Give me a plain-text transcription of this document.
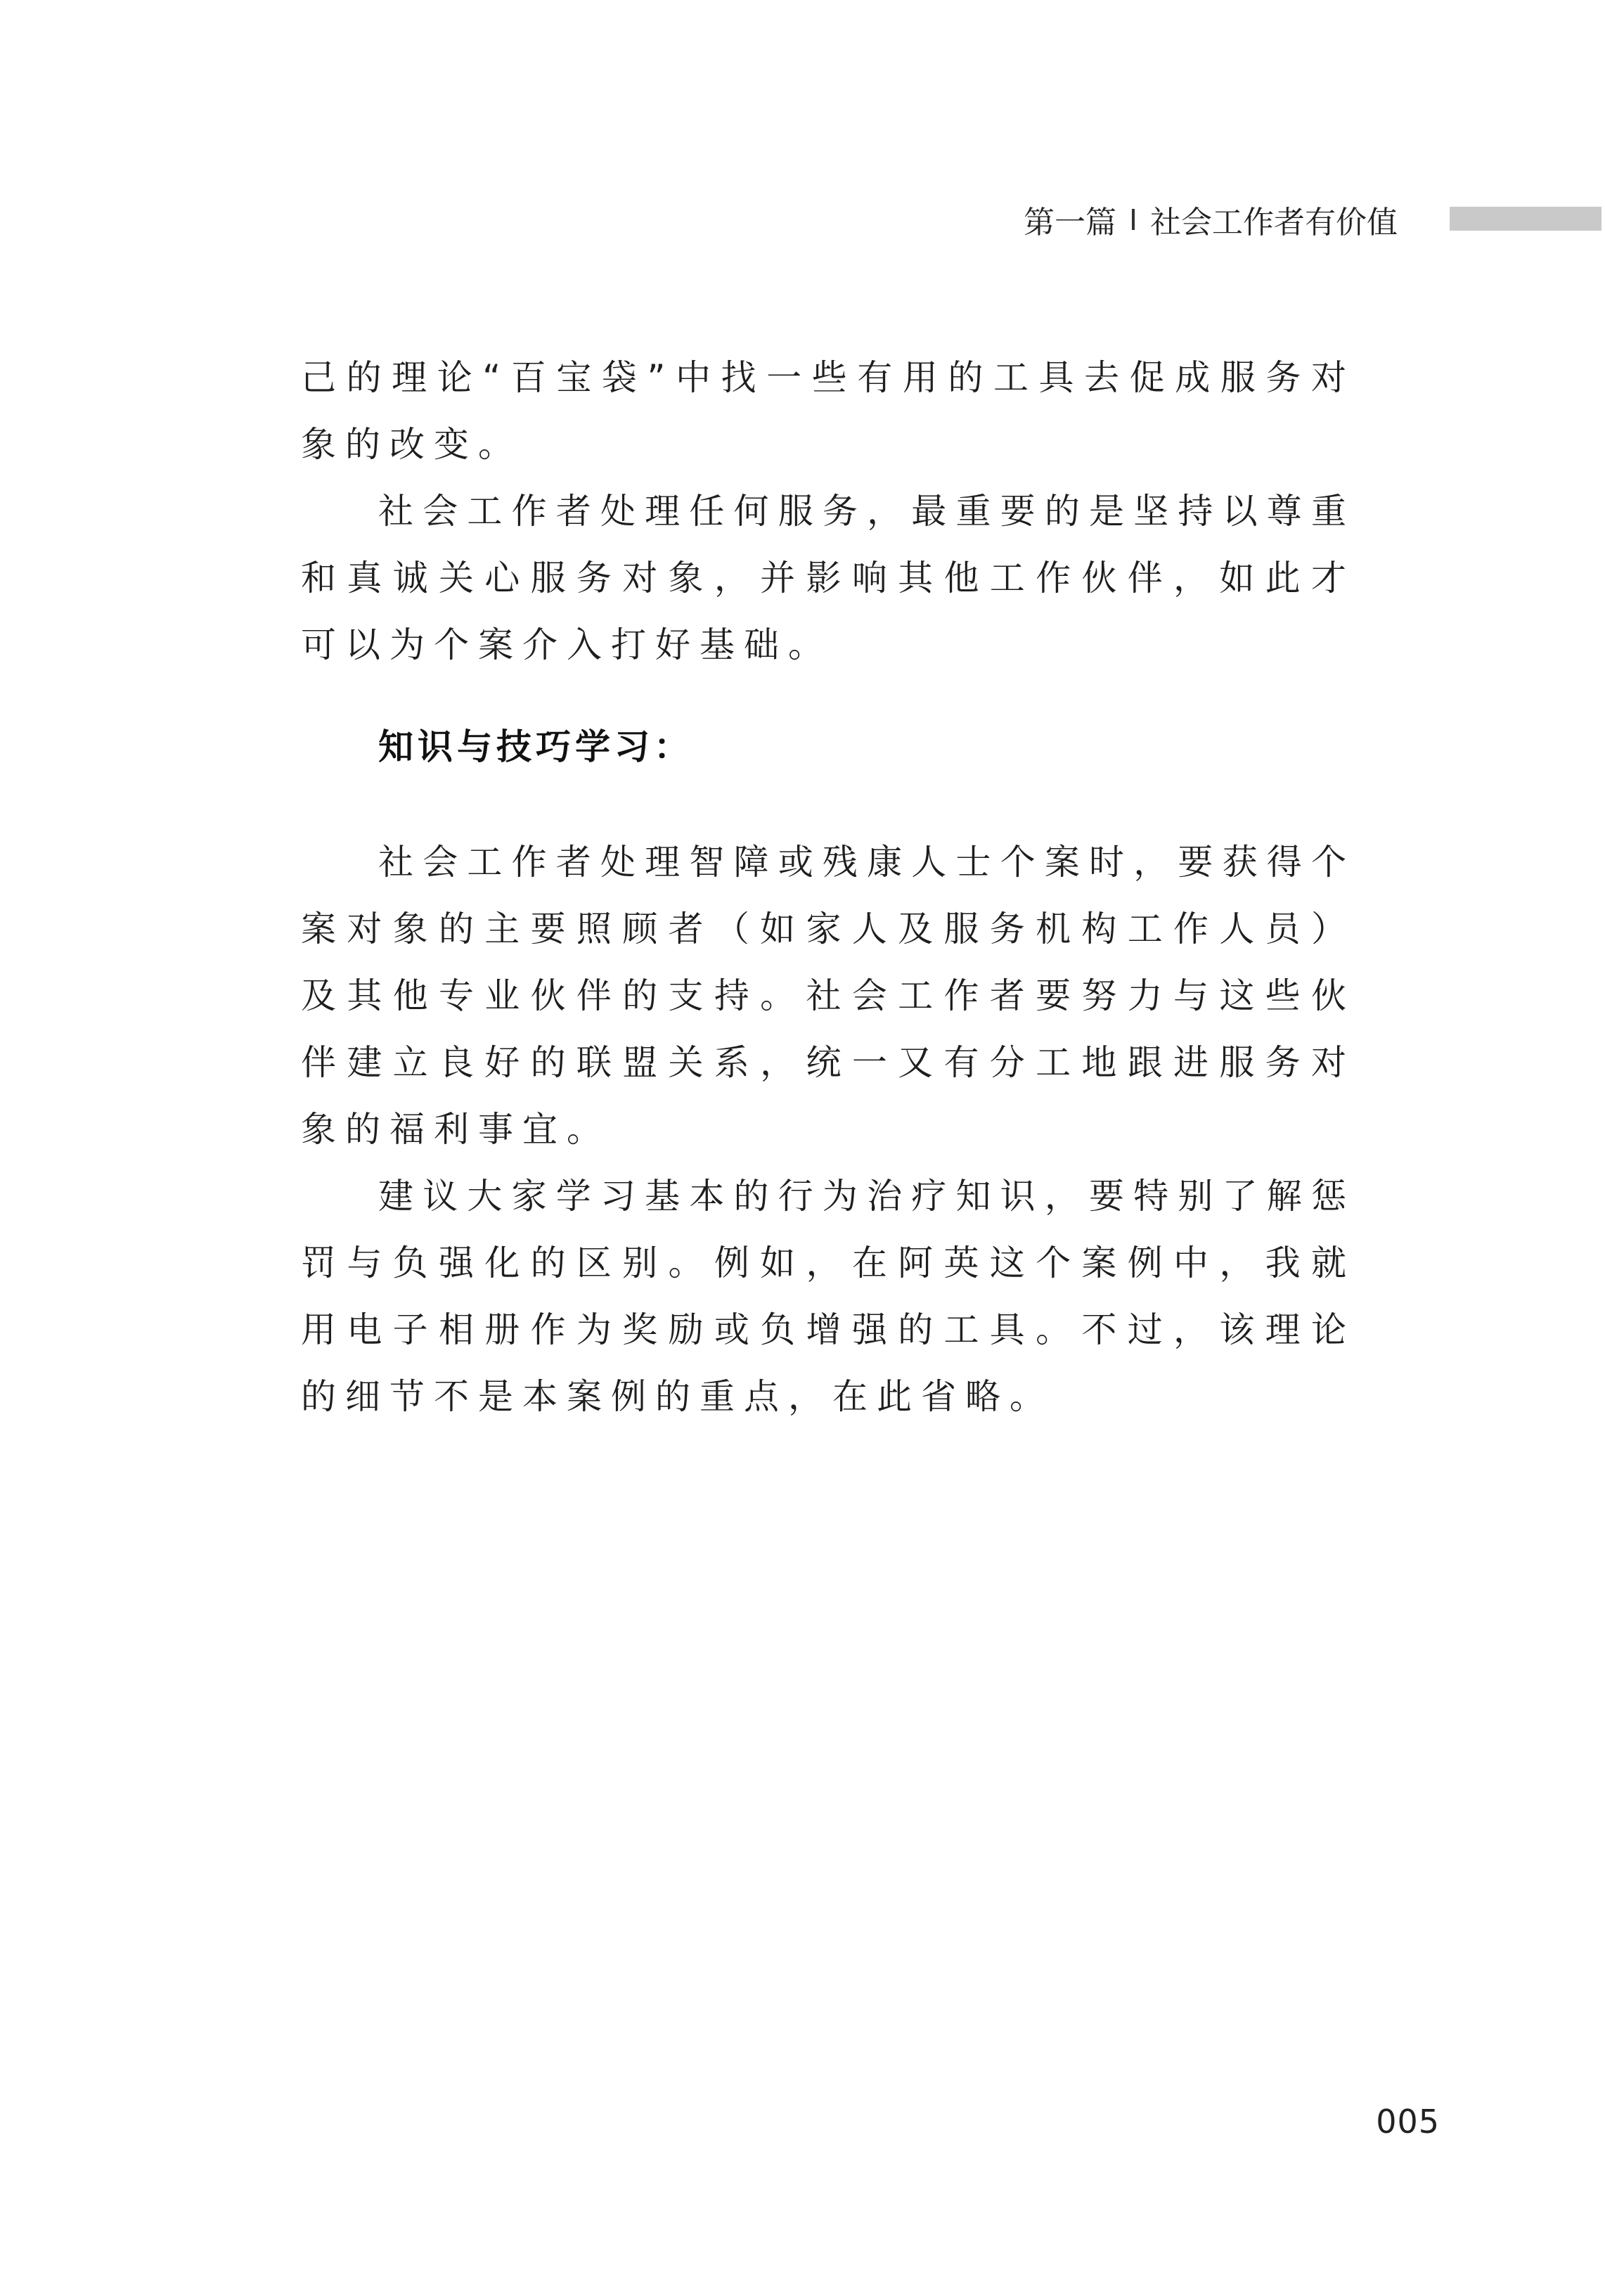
第一篇 社会工作者有价值

己的理论“百宝袋”中找一些有用的工具去促成服务对象的改变。

社会工作者处理任何服务，最重要的是坚持以尊重和真诚关心服务对象，并影响其他工作伙伴，如此才可以为个案介入打好基础。

知识与技巧学习：

社会工作者处理智障或残康人士个案时，要获得个案对象的主要照顾者（如家人及服务机构工作人员）及其他专业伙伴的支持。社会工作者要努力与这些伙伴建立良好的联盟关系，统一又有分工地跟进服务对象的福利事宜。

建议大家学习基本的行为治疗知识，要特别了解惩罚与负强化的区别。例如，在阿英这个案例中，我就用电子相册作为奖励或负增强的工具。不过，该理论的细节不是本案例的重点，在此省略。

005
